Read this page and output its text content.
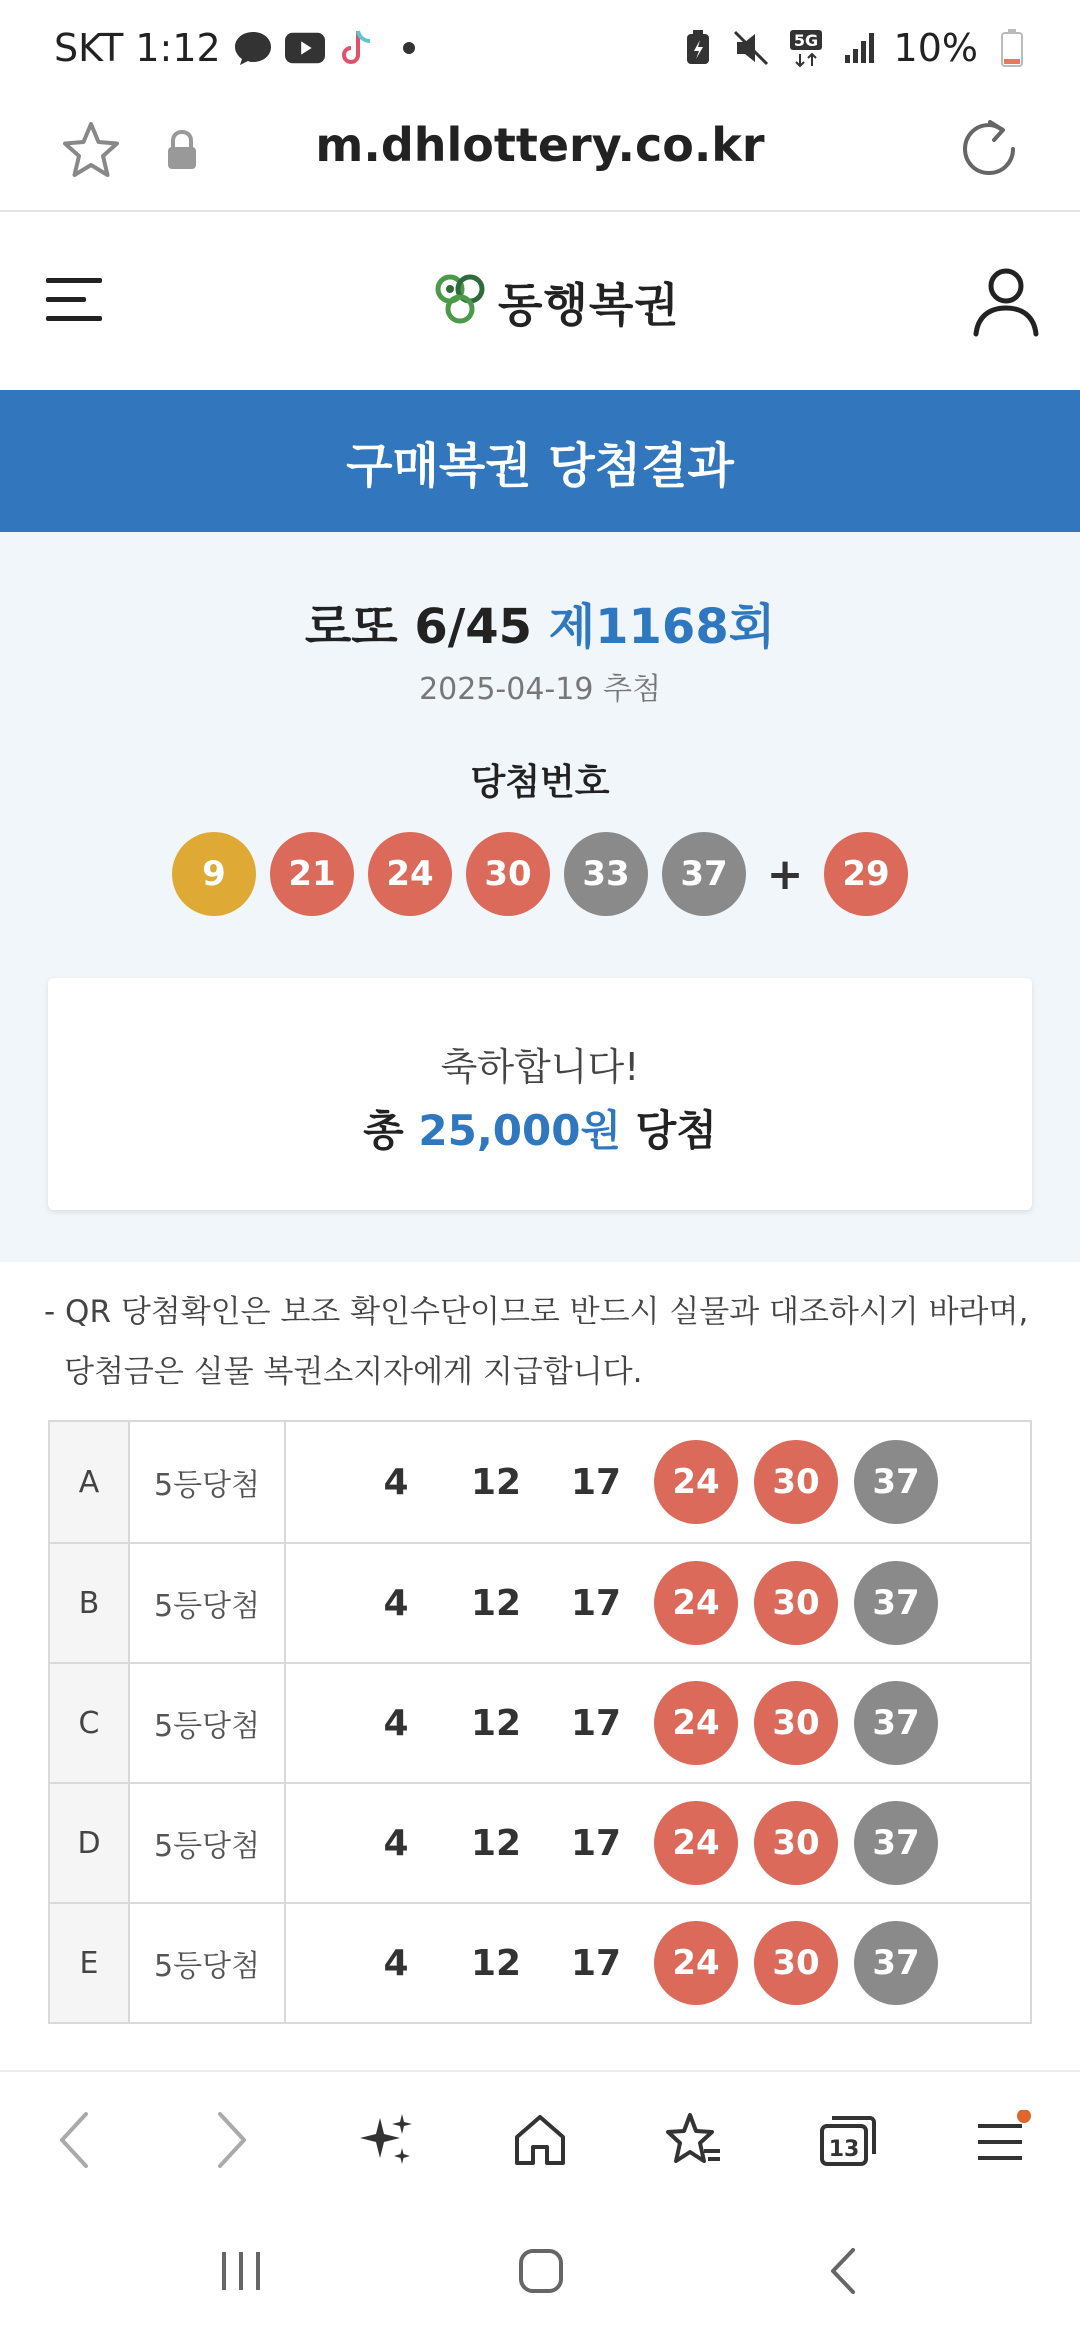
SKT 1:12	5G 10%
m.dhlottery.co.kr
동행복권
구매복권 당첨결과
로또 6/45 제1168회
2025-04-19 추첨
당첨번호
9	21	24	30	33	37 +	29
축하합니다!
총 25,000원 당첨
- QR 당첨확인은 보조 확인수단이므로 반드시 실물과 대조하시기 바라며, 당첨금은 실물 복권소지자에게 지급합니다.
A	5등당첨	4	12	17	24	30	37
B	5등당첨	4	12	17	24	30	37
C	5등당첨	4	12	17	24	30	37
D	5등당첨	4	12	17	24	30	37
E	5등당첨	4	12	17	24	30	37
13
